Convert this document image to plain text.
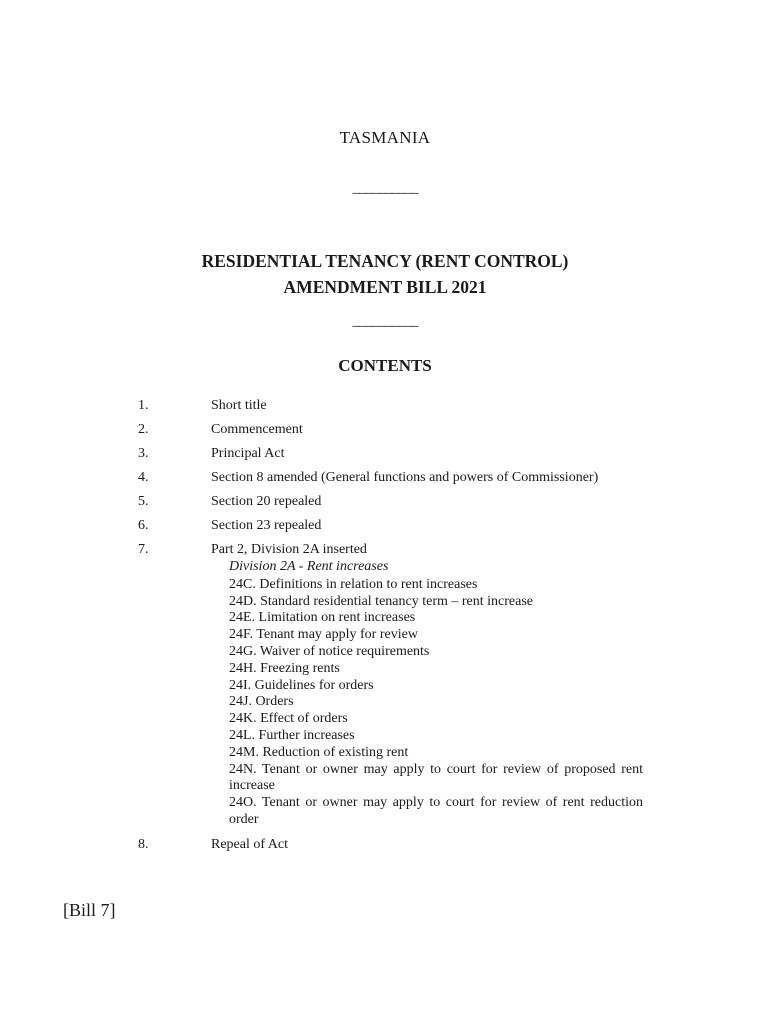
TASMANIA
__________
RESIDENTIAL TENANCY (RENT CONTROL)
AMENDMENT BILL 2021
__________
CONTENTS
1.	Short title
2.	Commencement
3.	Principal Act
4.	Section 8 amended (General functions and powers of Commissioner)
5.	Section 20 repealed
6.	Section 23 repealed
7.	Part 2, Division 2A inserted
Division 2A - Rent increases
24C. Definitions in relation to rent increases
24D. Standard residential tenancy term – rent increase
24E. Limitation on rent increases
24F. Tenant may apply for review
24G. Waiver of notice requirements
24H. Freezing rents
24I. Guidelines for orders
24J. Orders
24K. Effect of orders
24L. Further increases
24M. Reduction of existing rent
24N. Tenant or owner may apply to court for review of proposed rent increase
24O. Tenant or owner may apply to court for review of rent reduction order
8.	Repeal of Act
[Bill 7]
